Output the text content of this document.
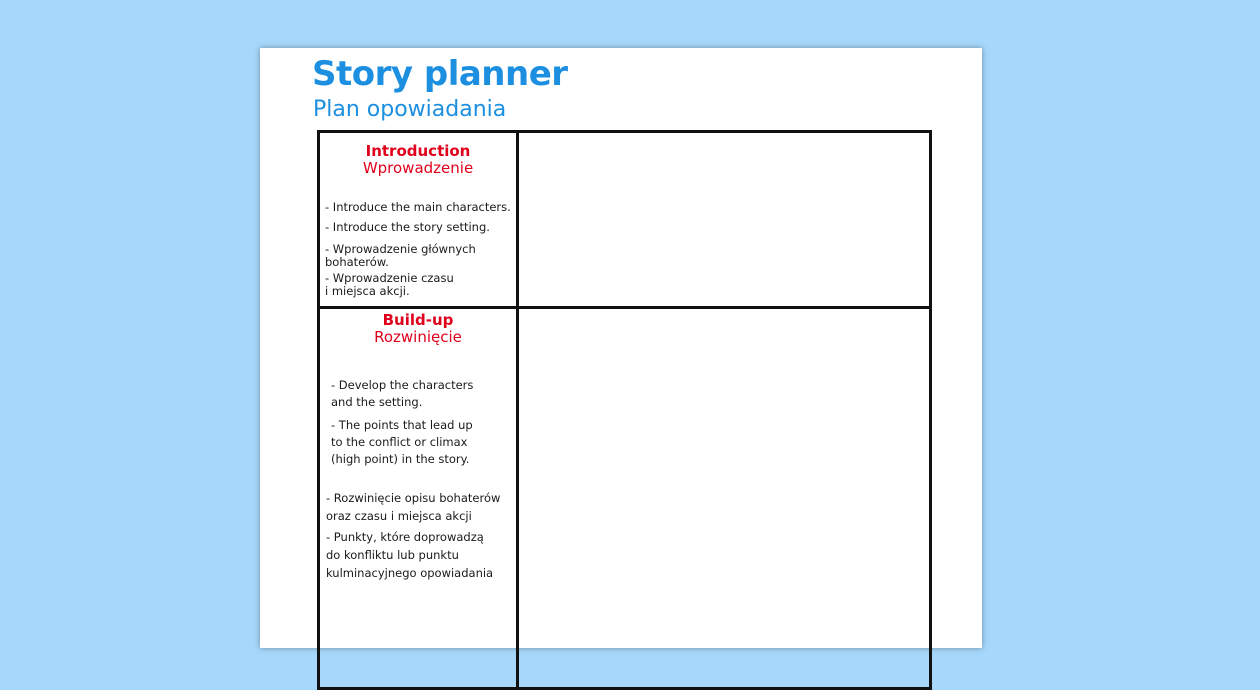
Story planner
Plan opowiadania
Introduction
Wprowadzenie
- Introduce the main characters.
- Introduce the story setting.
- Wprowadzenie głównych
bohaterów.
- Wprowadzenie czasu
i miejsca akcji.
Build-up
Rozwinięcie
- Develop the characters
and the setting.
- The points that lead up
to the conflict or climax
(high point) in the story.
- Rozwinięcie opisu bohaterów
oraz czasu i miejsca akcji
- Punkty, które doprowadzą
do konfliktu lub punktu
kulminacyjnego opowiadania
